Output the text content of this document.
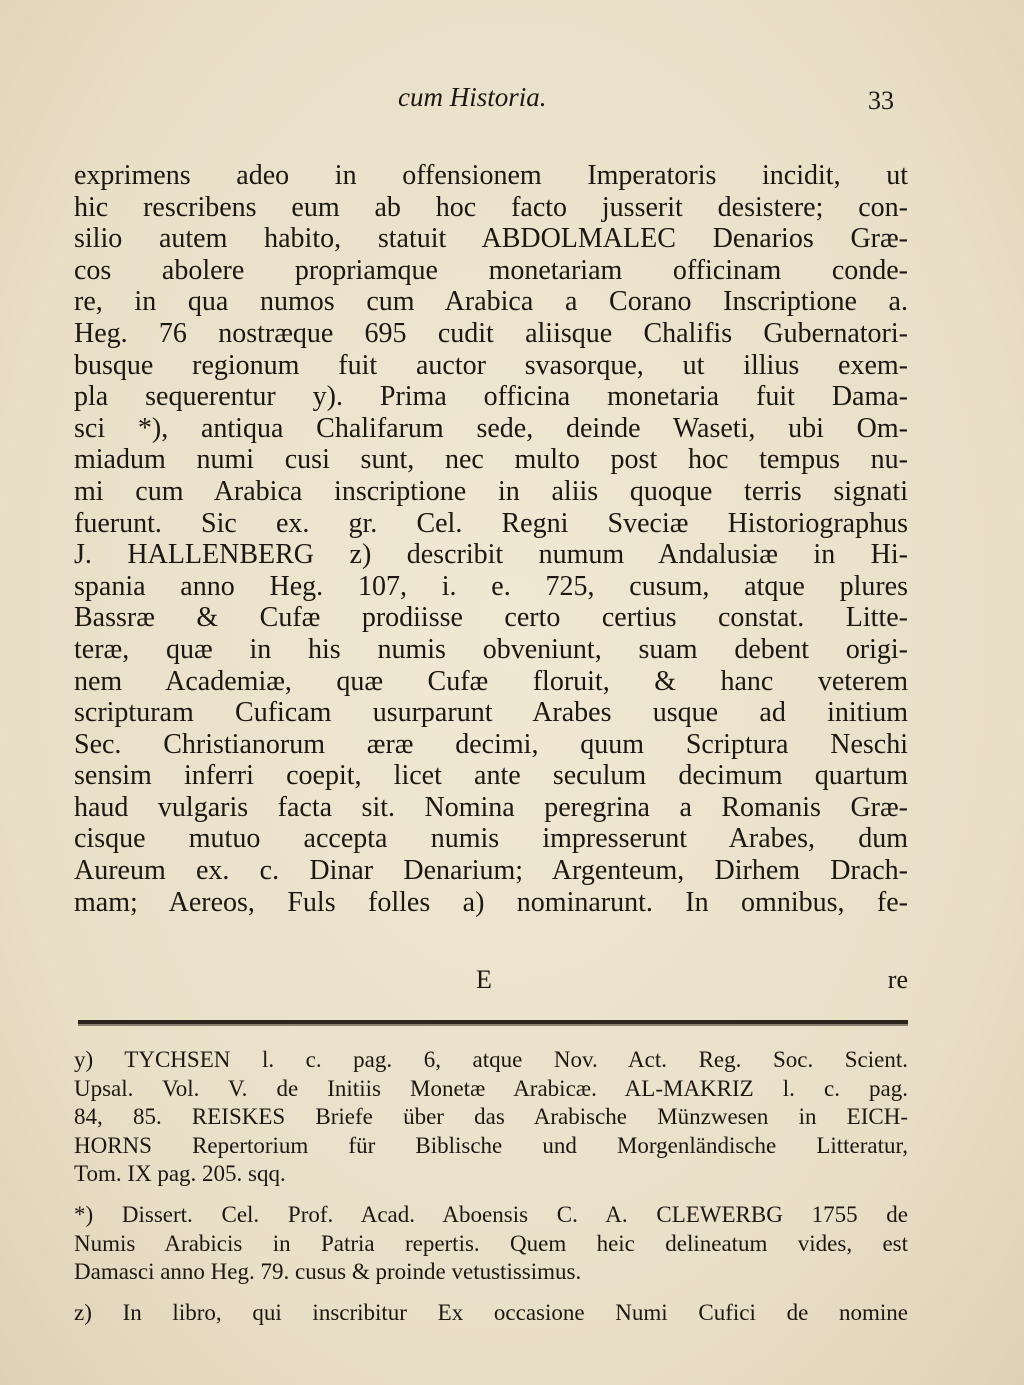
cum Historia.	33
exprimens adeo in offensionem Imperatoris incidit, ut
hic rescribens eum ab hoc facto jusserit desistere; con-
silio autem habito, statuit ABDOLMALEC Denarios Græ-
cos abolere propriamque monetariam officinam conde-
re, in qua numos cum Arabica a Corano Inscriptione a.
Heg. 76 nostræque 695 cudit aliisque Chalifis Gubernatori-
busque regionum fuit auctor svasorque, ut illius exem-
pla sequerentur y). Prima officina monetaria fuit Dama-
sci *), antiqua Chalifarum sede, deinde Waseti, ubi Om-
miadum numi cusi sunt, nec multo post hoc tempus nu-
mi cum Arabica inscriptione in aliis quoque terris signati
fuerunt. Sic ex. gr. Cel. Regni Sveciæ Historiographus
J. HALLENBERG z) describit numum Andalusiæ in Hi-
spania anno Heg. 107, i. e. 725, cusum, atque plures
Bassræ & Cufæ prodiisse certo certius constat. Litte-
teræ, quæ in his numis obveniunt, suam debent origi-
nem Academiæ, quæ Cufæ floruit, & hanc veterem
scripturam Cuficam usurparunt Arabes usque ad initium
Sec. Christianorum æræ decimi, quum Scriptura Neschi
sensim inferri coepit, licet ante seculum decimum quartum
haud vulgaris facta sit. Nomina peregrina a Romanis Græ-
cisque mutuo accepta numis impresserunt Arabes, dum
Aureum ex. c. Dinar Denarium; Argenteum, Dirhem Drach-
mam; Aereos, Fuls folles a) nominarunt. In omnibus, fe-
E	re
y) TYCHSEN l. c. pag. 6, atque Nov. Act. Reg. Soc. Scient.
Upsal. Vol. V. de Initiis Monetæ Arabicæ. AL-MAKRIZ l. c. pag.
84, 85. REISKES Briefe über das Arabische Münzwesen in EICH-
HORNS Repertorium für Biblische und Morgenländische Litteratur,
Tom. IX pag. 205. sqq.
*) Dissert. Cel. Prof. Acad. Aboensis C. A. CLEWERBG 1755 de
Numis Arabicis in Patria repertis. Quem heic delineatum vides, est
Damasci anno Heg. 79. cusus & proinde vetustissimus.
z) In libro, qui inscribitur Ex occasione Numi Cufici de nomine
